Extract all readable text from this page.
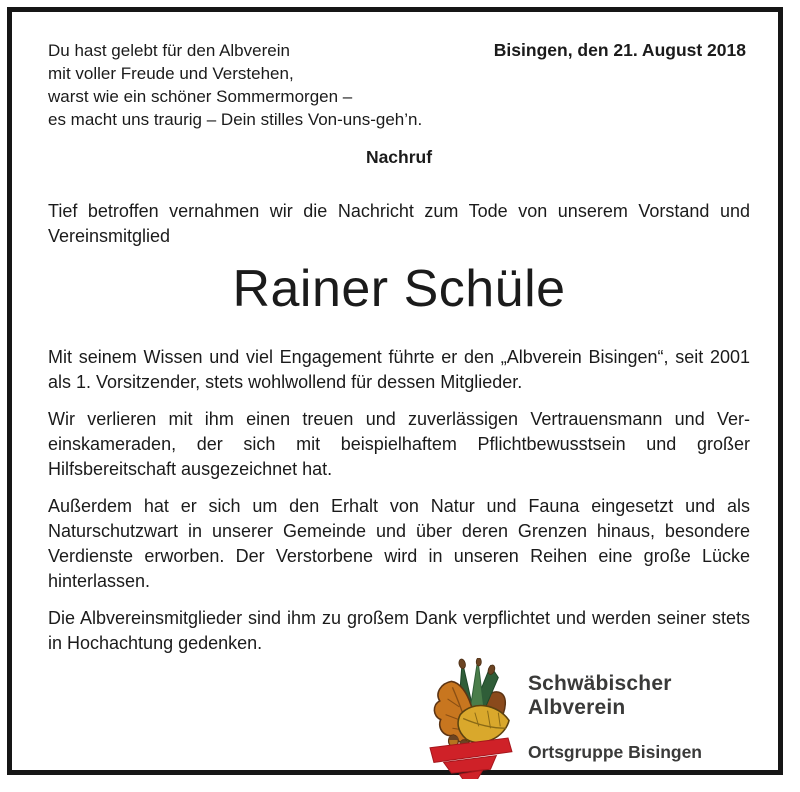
Du hast gelebt für den Albverein
mit voller Freude und Verstehen,
warst wie ein schöner Sommermorgen –
es macht uns traurig – Dein stilles Von-uns-geh’n.
Bisingen, den 21. August 2018
Nachruf

Tief betroffen vernahmen wir die Nachricht zum Tode von unserem Vorstand und Vereinsmitglied

Rainer Schüle

Mit seinem Wissen und viel Engagement führte er den „Albverein Bisingen“, seit 2001 als 1. Vorsitzender, stets wohlwollend für dessen Mitglieder.

Wir verlieren mit ihm einen treuen und zuverlässigen Vertrauensmann und Vereinskameraden, der sich mit beispielhaftem Pflichtbewusstsein und großer Hilfsbereitschaft ausgezeichnet hat.

Außerdem hat er sich um den Erhalt von Natur und Fauna eingesetzt und als Naturschutzwart in unserer Gemeinde und über deren Grenzen hinaus, besondere Verdienste erworben. Der Verstorbene wird in unseren Reihen eine große Lücke hinterlassen.

Die Albvereinsmitglieder sind ihm zu großem Dank verpflichtet und werden seiner stets in Hochachtung gedenken.

Schwäbischer
Albverein
Ortsgruppe Bisingen
